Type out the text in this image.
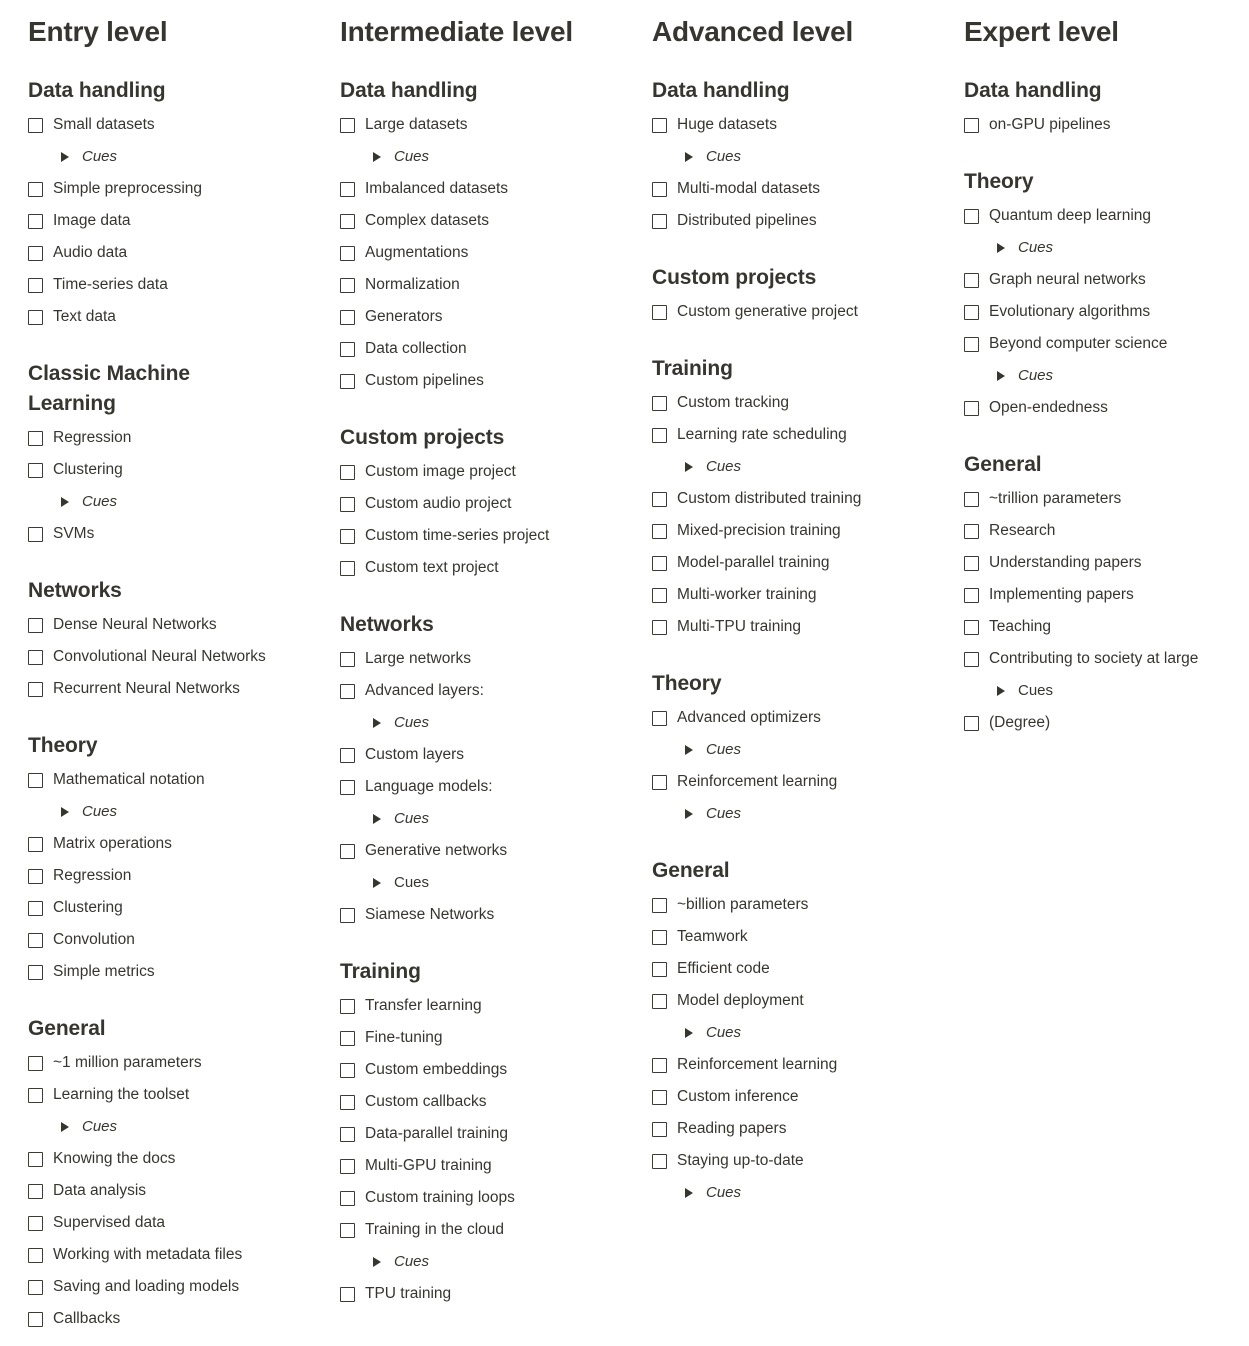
Entry level
Data handling
Small datasets
Cues
Simple preprocessing
Image data
Audio data
Time-series data
Text data
Classic Machine Learning
Regression
Clustering
Cues
SVMs
Networks
Dense Neural Networks
Convolutional Neural Networks
Recurrent Neural Networks
Theory
Mathematical notation
Cues
Matrix operations
Regression
Clustering
Convolution
Simple metrics
General
~1 million parameters
Learning the toolset
Cues
Knowing the docs
Data analysis
Supervised data
Working with metadata files
Saving and loading models
Callbacks
Intermediate level
Data handling
Large datasets
Cues
Imbalanced datasets
Complex datasets
Augmentations
Normalization
Generators
Data collection
Custom pipelines
Custom projects
Custom image project
Custom audio project
Custom time-series project
Custom text project
Networks
Large networks
Advanced layers:
Cues
Custom layers
Language models:
Cues
Generative networks
Cues
Siamese Networks
Training
Transfer learning
Fine-tuning
Custom embeddings
Custom callbacks
Data-parallel training
Multi-GPU training
Custom training loops
Training in the cloud
Cues
TPU training
Advanced level
Data handling
Huge datasets
Cues
Multi-modal datasets
Distributed pipelines
Custom projects
Custom generative project
Training
Custom tracking
Learning rate scheduling
Cues
Custom distributed training
Mixed-precision training
Model-parallel training
Multi-worker training
Multi-TPU training
Theory
Advanced optimizers
Cues
Reinforcement learning
Cues
General
~billion parameters
Teamwork
Efficient code
Model deployment
Cues
Reinforcement learning
Custom inference
Reading papers
Staying up-to-date
Cues
Expert level
Data handling
on-GPU pipelines
Theory
Quantum deep learning
Cues
Graph neural networks
Evolutionary algorithms
Beyond computer science
Cues
Open-endedness
General
~trillion parameters
Research
Understanding papers
Implementing papers
Teaching
Contributing to society at large
Cues
(Degree)
